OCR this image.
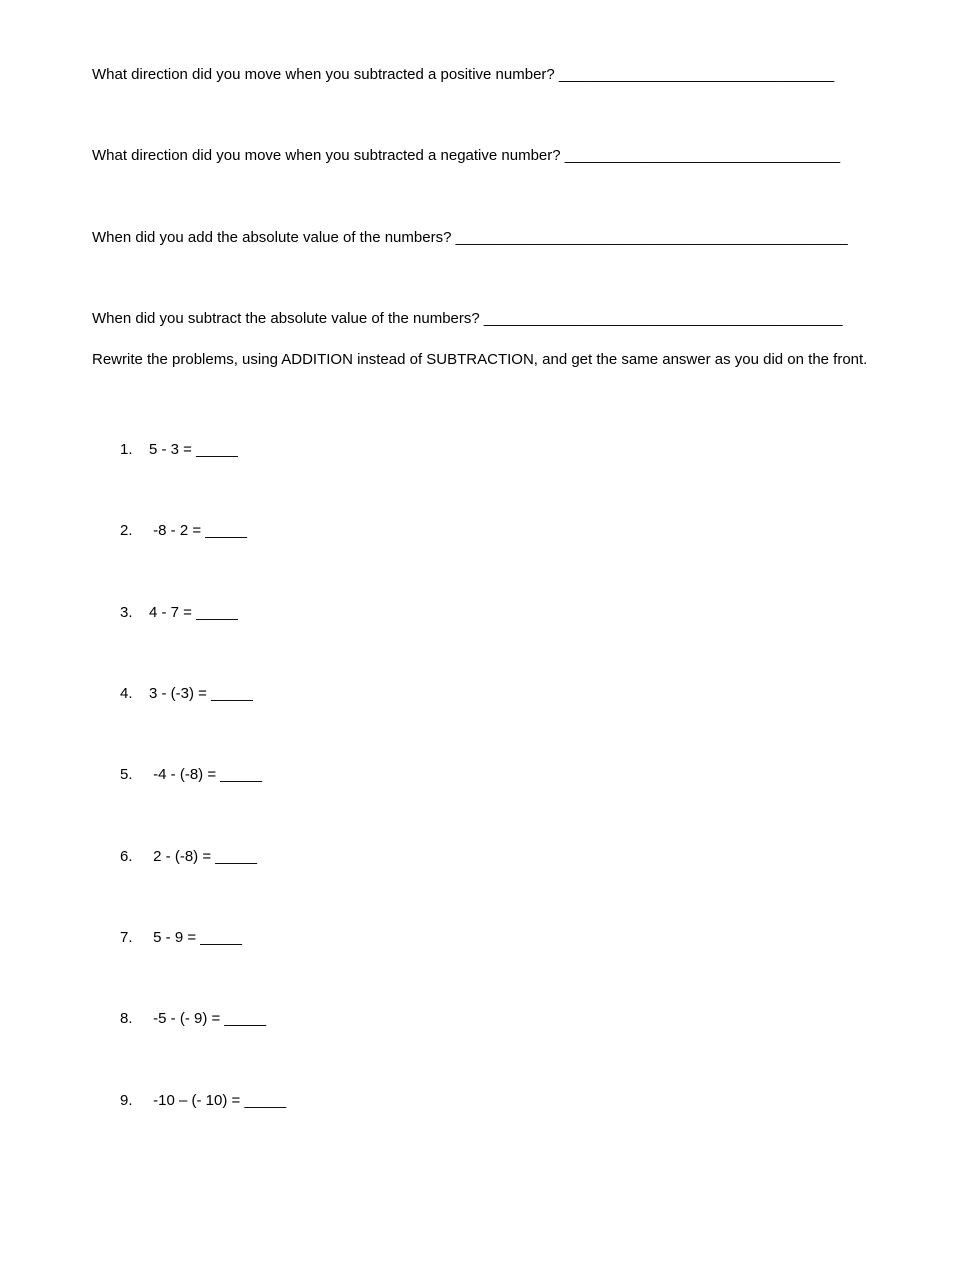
What direction did you move when you subtracted a positive number? _________________________________
What direction did you move when you subtracted a negative number? _________________________________
When did you add the absolute value of the numbers? _______________________________________________
When did you subtract the absolute value of the numbers? ___________________________________________
Rewrite the problems, using ADDITION instead of SUBTRACTION, and get the same answer as you did on the front.
1. 5 - 3 = _____
2. -8 - 2 = _____
3. 4 - 7 = _____
4. 3 - (-3) = _____
5. -4 - (-8) = _____
6. 2 - (-8) = _____
7. 5 - 9 = _____
8. -5 - (- 9) = _____
9. -10 – (- 10) = _____
